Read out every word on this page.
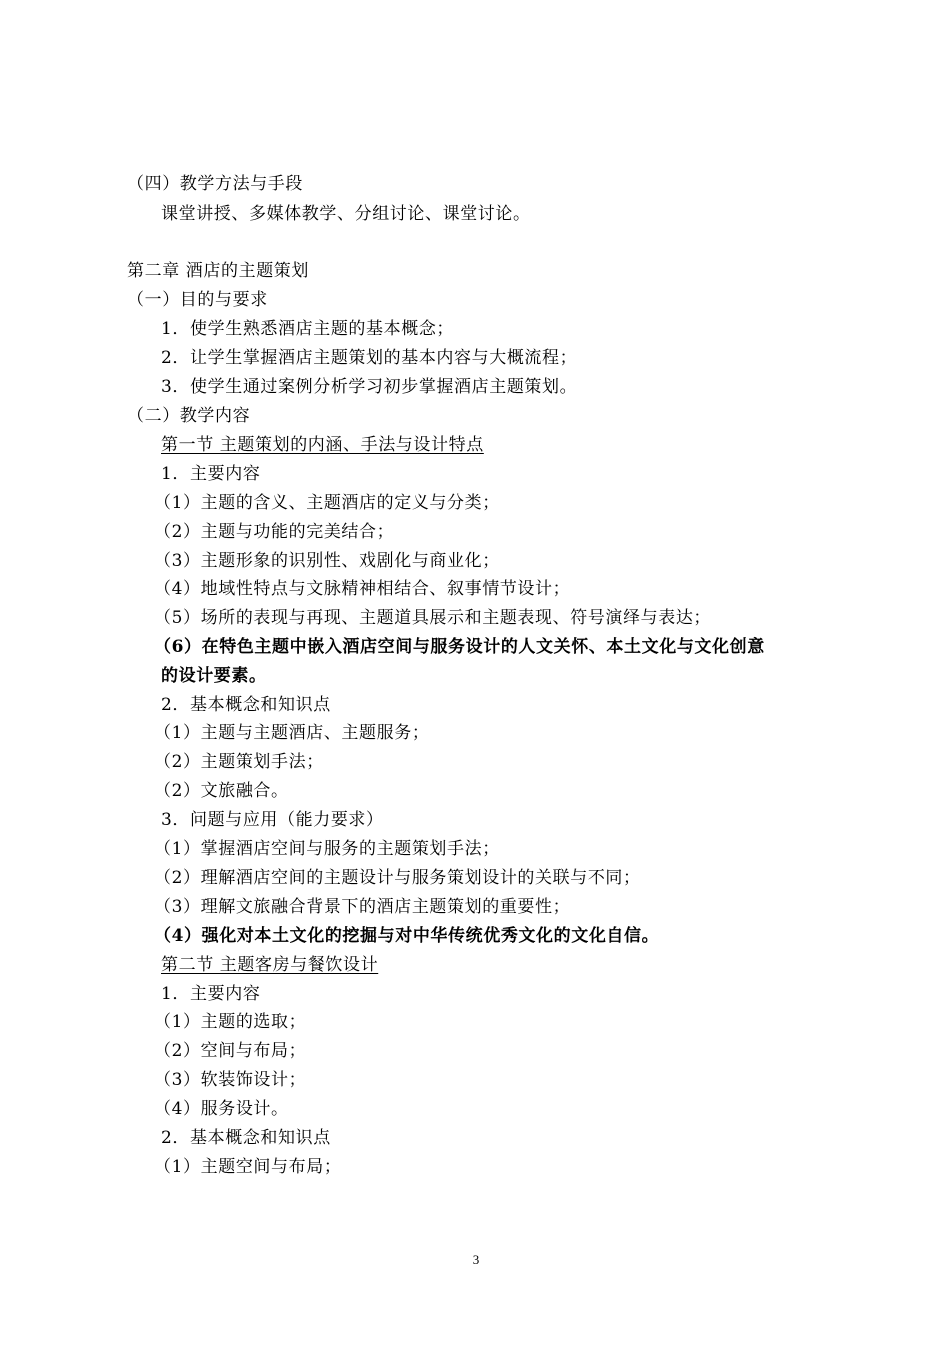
（四）教学方法与手段
课堂讲授、多媒体教学、分组讨论、课堂讨论。
第二章 酒店的主题策划
（一）目的与要求
1．使学生熟悉酒店主题的基本概念；
2．让学生掌握酒店主题策划的基本内容与大概流程；
3．使学生通过案例分析学习初步掌握酒店主题策划。
（二）教学内容
第一节 主题策划的内涵、手法与设计特点
1．主要内容
（1）主题的含义、主题酒店的定义与分类；
（2）主题与功能的完美结合；
（3）主题形象的识别性、戏剧化与商业化；
（4）地域性特点与文脉精神相结合、叙事情节设计；
（5）场所的表现与再现、主题道具展示和主题表现、符号演绎与表达；
（6）在特色主题中嵌入酒店空间与服务设计的人文关怀、本土文化与文化创意
的设计要素。
2．基本概念和知识点
（1）主题与主题酒店、主题服务；
（2）主题策划手法；
（2）文旅融合。
3．问题与应用（能力要求）
（1）掌握酒店空间与服务的主题策划手法；
（2）理解酒店空间的主题设计与服务策划设计的关联与不同；
（3）理解文旅融合背景下的酒店主题策划的重要性；
（4）强化对本土文化的挖掘与对中华传统优秀文化的文化自信。
第二节 主题客房与餐饮设计
1．主要内容
（1）主题的选取；
（2）空间与布局；
（3）软装饰设计；
（4）服务设计。
2．基本概念和知识点
（1）主题空间与布局；
3
